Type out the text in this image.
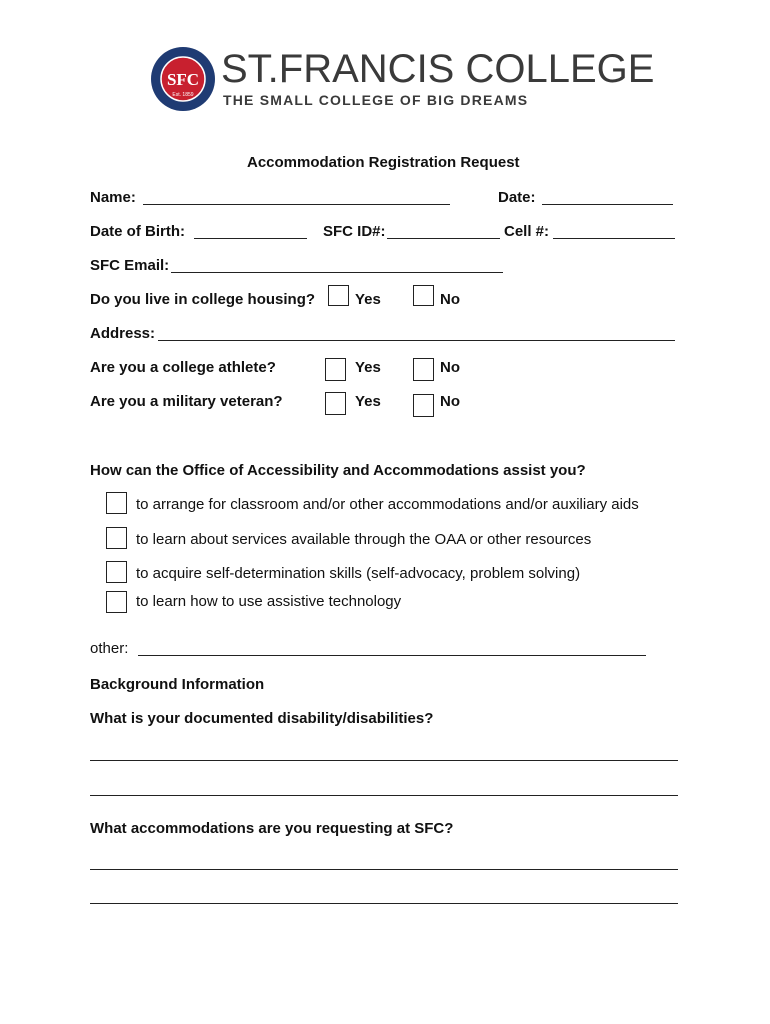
SFC
Est. 1859
ST.FRANCIS COLLEGE
THE SMALL COLLEGE OF BIG DREAMS
Accommodation Registration Request
Name:	Date:
Date of Birth:	SFC ID#:	Cell #:
SFC Email:
Do you live in college housing?	Yes	No
Address:
Are you a college athlete?	Yes	No
Are you a military veteran?	Yes	No
How can the Office of Accessibility and Accommodations assist you?
to arrange for classroom and/or other accommodations and/or auxiliary aids
to learn about services available through the OAA or other resources
to acquire self-determination skills (self-advocacy, problem solving)
to learn how to use assistive technology
other:
Background Information
What is your documented disability/disabilities?
What accommodations are you requesting at SFC?
